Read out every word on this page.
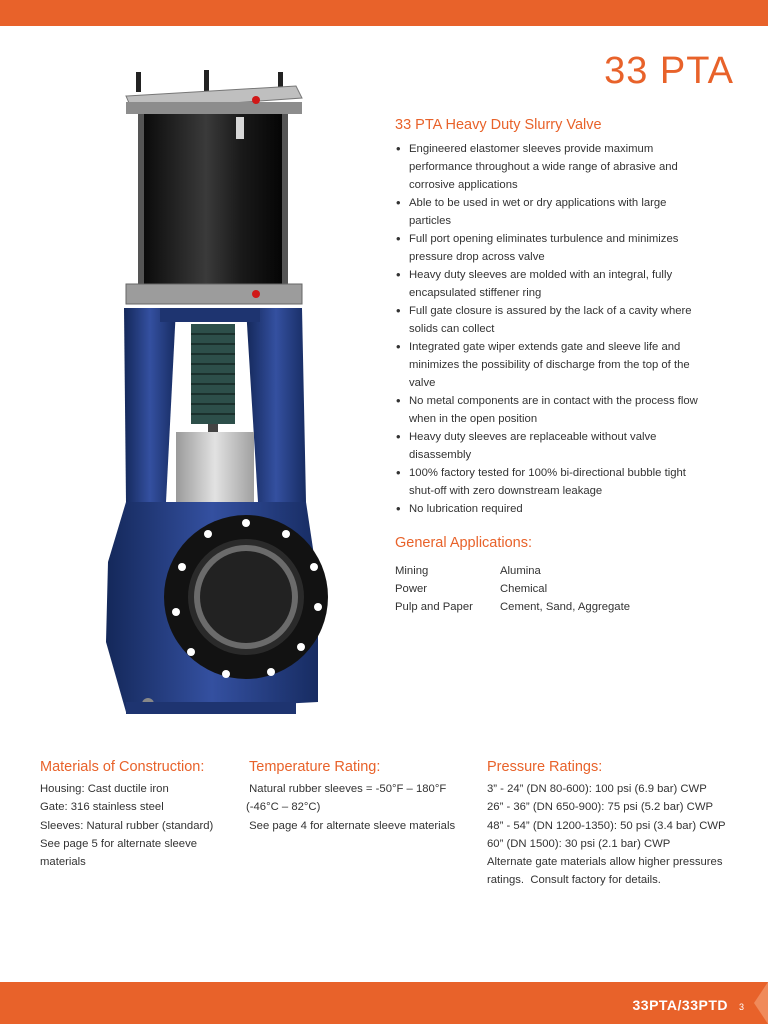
33 PTA
33 PTA Heavy Duty Slurry Valve
• Engineered elastomer sleeves provide maximum performance throughout a wide range of abrasive and corrosive applications
• Able to be used in wet or dry applications with large particles
• Full port opening eliminates turbulence and minimizes pressure drop across valve
• Heavy duty sleeves are molded with an integral, fully encapsulated stiffener ring
• Full gate closure is assured by the lack of a cavity where solids can collect
• Integrated gate wiper extends gate and sleeve life and minimizes the possibility of discharge from the top of the valve
• No metal components are in contact with the process flow when in the open position
• Heavy duty sleeves are replaceable without valve disassembly
• 100% factory tested for 100% bi-directional bubble tight shut-off with zero downstream leakage
• No lubrication required
General Applications:
Mining	Alumina
Power	Chemical
Pulp and Paper	Cement, Sand, Aggregate
Materials of Construction:
Housing: Cast ductile iron
Gate: 316 stainless steel
Sleeves: Natural rubber (standard)
See page 5 for alternate sleeve
materials
Temperature Rating:
Natural rubber sleeves = -50°F – 180°F
(-46°C – 82°C)
See page 4 for alternate sleeve materials
Pressure Ratings:
3” - 24” (DN 80-600): 100 psi (6.9 bar) CWP
26” - 36” (DN 650-900): 75 psi (5.2 bar) CWP
48” - 54” (DN 1200-1350): 50 psi (3.4 bar) CWP
60” (DN 1500): 30 psi (2.1 bar) CWP
Alternate gate materials allow higher pressures
ratings.  Consult factory for details.
33PTA/33PTD 3
